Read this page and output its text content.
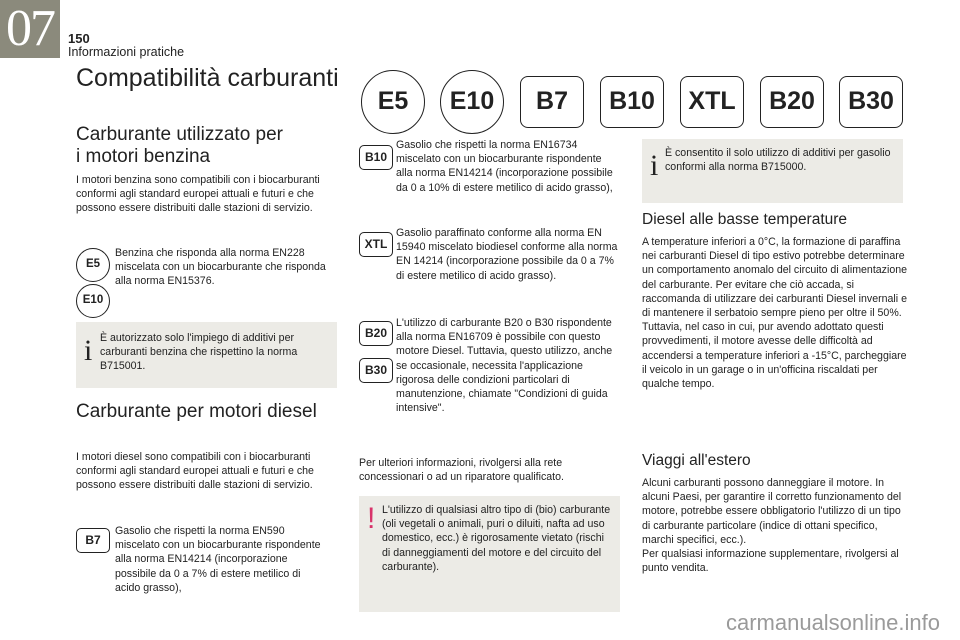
07	150
Informazioni pratiche
Compatibilità carburanti
E5	E10	B7	B10	XTL	B20	B30
Carburante utilizzato per
i motori benzina
I motori benzina sono compatibili con i biocarburanti conformi agli standard europei attuali e futuri e che possono essere distribuiti dalle stazioni di servizio.
E5
E10
Benzina che risponda alla norma EN228 miscelata con un biocarburante che risponda alla norma EN15376.
i È autorizzato solo l'impiego di additivi per carburanti benzina che rispettino la norma B715001.
Carburante per motori diesel
I motori diesel sono compatibili con i biocarburanti conformi agli standard europei attuali e futuri e che possono essere distribuiti dalle stazioni di servizio.
B7
Gasolio che rispetti la norma EN590 miscelato con un biocarburante rispondente alla norma EN14214 (incorporazione possibile da 0 a 7% di estere metilico di acido grasso),
B10
Gasolio che rispetti la norma EN16734 miscelato con un biocarburante rispondente alla norma EN14214 (incorporazione possibile da 0 a 10% di estere metilico di acido grasso),
XTL
Gasolio paraffinato conforme alla norma EN 15940 miscelato biodiesel conforme alla norma EN 14214 (incorporazione possibile da 0 a 7% di estere metilico di acido grasso).
B20
B30
L'utilizzo di carburante B20 o B30 rispondente alla norma EN16709 è possibile con questo motore Diesel. Tuttavia, questo utilizzo, anche se occasionale, necessita l'applicazione rigorosa delle condizioni particolari di manutenzione, chiamate "Condizioni di guida intensive".
Per ulteriori informazioni, rivolgersi alla rete concessionari o ad un riparatore qualificato.
! L'utilizzo di qualsiasi altro tipo di (bio) carburante (oli vegetali o animali, puri o diluiti, nafta ad uso domestico, ecc.) è rigorosamente vietato (rischi di danneggiamenti del motore e del circuito del carburante).
i È consentito il solo utilizzo di additivi per gasolio conformi alla norma B715000.
Diesel alle basse temperature
A temperature inferiori a 0°C, la formazione di paraffina nei carburanti Diesel di tipo estivo potrebbe determinare un comportamento anomalo del circuito di alimentazione del carburante. Per evitare che ciò accada, si raccomanda di utilizzare dei carburanti Diesel invernali e di mantenere il serbatoio sempre pieno per oltre il 50%.
Tuttavia, nel caso in cui, pur avendo adottato questi provvedimenti, il motore avesse delle difficoltà ad accendersi a temperature inferiori a -15°C, parcheggiare il veicolo in un garage o in un'officina riscaldati per qualche tempo.
Viaggi all'estero
Alcuni carburanti possono danneggiare il motore. In alcuni Paesi, per garantire il corretto funzionamento del motore, potrebbe essere obbligatorio l'utilizzo di un tipo di carburante particolare (indice di ottani specifico, marchi specifici, ecc.).
Per qualsiasi informazione supplementare, rivolgersi al punto vendita.
carmanualsonline.info
